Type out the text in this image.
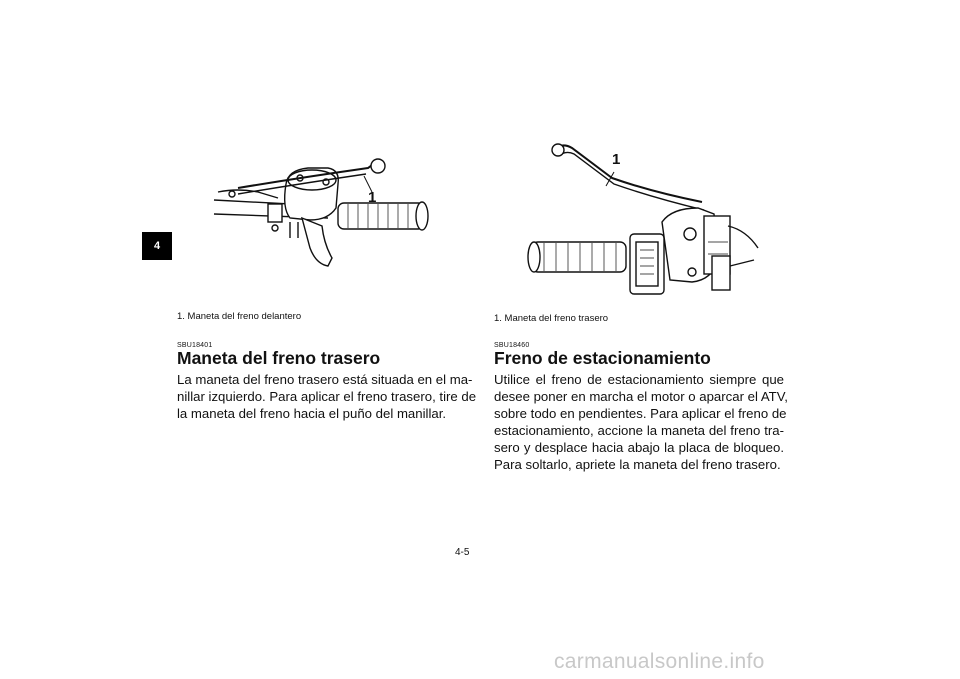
4
1
1. Maneta del freno delantero
SBU18401
Maneta del freno trasero
La maneta del freno trasero está situada en el ma-
nillar izquierdo. Para aplicar el freno trasero, tire de
la maneta del freno hacia el puño del manillar.
1
1. Maneta del freno trasero
SBU18460
Freno de estacionamiento
Utilice el freno de estacionamiento siempre que
desee poner en marcha el motor o aparcar el ATV,
sobre todo en pendientes. Para aplicar el freno de
estacionamiento, accione la maneta del freno tra-
sero y desplace hacia abajo la placa de bloqueo.
Para soltarlo, apriete la maneta del freno trasero.
4-5
carmanualsonline.info
